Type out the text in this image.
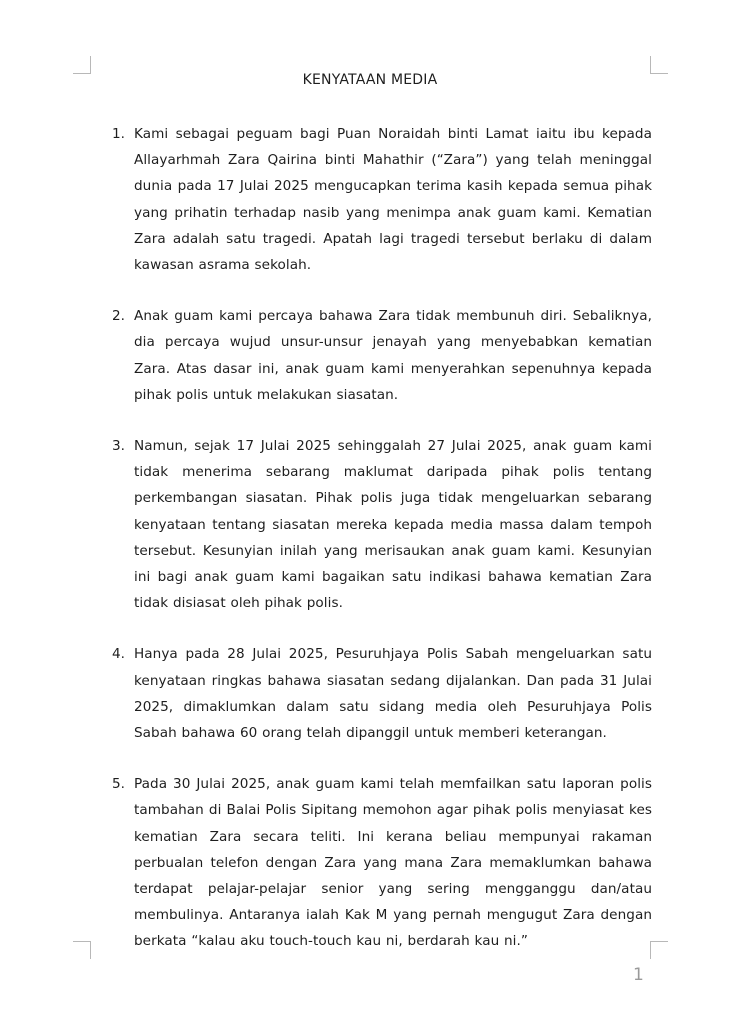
KENYATAAN MEDIA
1. Kami sebagai peguam bagi Puan Noraidah binti Lamat iaitu ibu kepada Allayarhmah Zara Qairina binti Mahathir (“Zara”) yang telah meninggal dunia pada 17 Julai 2025 mengucapkan terima kasih kepada semua pihak yang prihatin terhadap nasib yang menimpa anak guam kami. Kematian Zara adalah satu tragedi. Apatah lagi tragedi tersebut berlaku di dalam kawasan asrama sekolah.
2. Anak guam kami percaya bahawa Zara tidak membunuh diri. Sebaliknya, dia percaya wujud unsur-unsur jenayah yang menyebabkan kematian Zara. Atas dasar ini, anak guam kami menyerahkan sepenuhnya kepada pihak polis untuk melakukan siasatan.
3. Namun, sejak 17 Julai 2025 sehinggalah 27 Julai 2025, anak guam kami tidak menerima sebarang maklumat daripada pihak polis tentang perkembangan siasatan. Pihak polis juga tidak mengeluarkan sebarang kenyataan tentang siasatan mereka kepada media massa dalam tempoh tersebut. Kesunyian inilah yang merisaukan anak guam kami. Kesunyian ini bagi anak guam kami bagaikan satu indikasi bahawa kematian Zara tidak disiasat oleh pihak polis.
4. Hanya pada 28 Julai 2025, Pesuruhjaya Polis Sabah mengeluarkan satu kenyataan ringkas bahawa siasatan sedang dijalankan. Dan pada 31 Julai 2025, dimaklumkan dalam satu sidang media oleh Pesuruhjaya Polis Sabah bahawa 60 orang telah dipanggil untuk memberi keterangan.
5. Pada 30 Julai 2025, anak guam kami telah memfailkan satu laporan polis tambahan di Balai Polis Sipitang memohon agar pihak polis menyiasat kes kematian Zara secara teliti. Ini kerana beliau mempunyai rakaman perbualan telefon dengan Zara yang mana Zara memaklumkan bahawa terdapat pelajar-pelajar senior yang sering mengganggu dan/atau membulinya. Antaranya ialah Kak M yang pernah mengugut Zara dengan berkata “kalau aku touch-touch kau ni, berdarah kau ni.”
1
